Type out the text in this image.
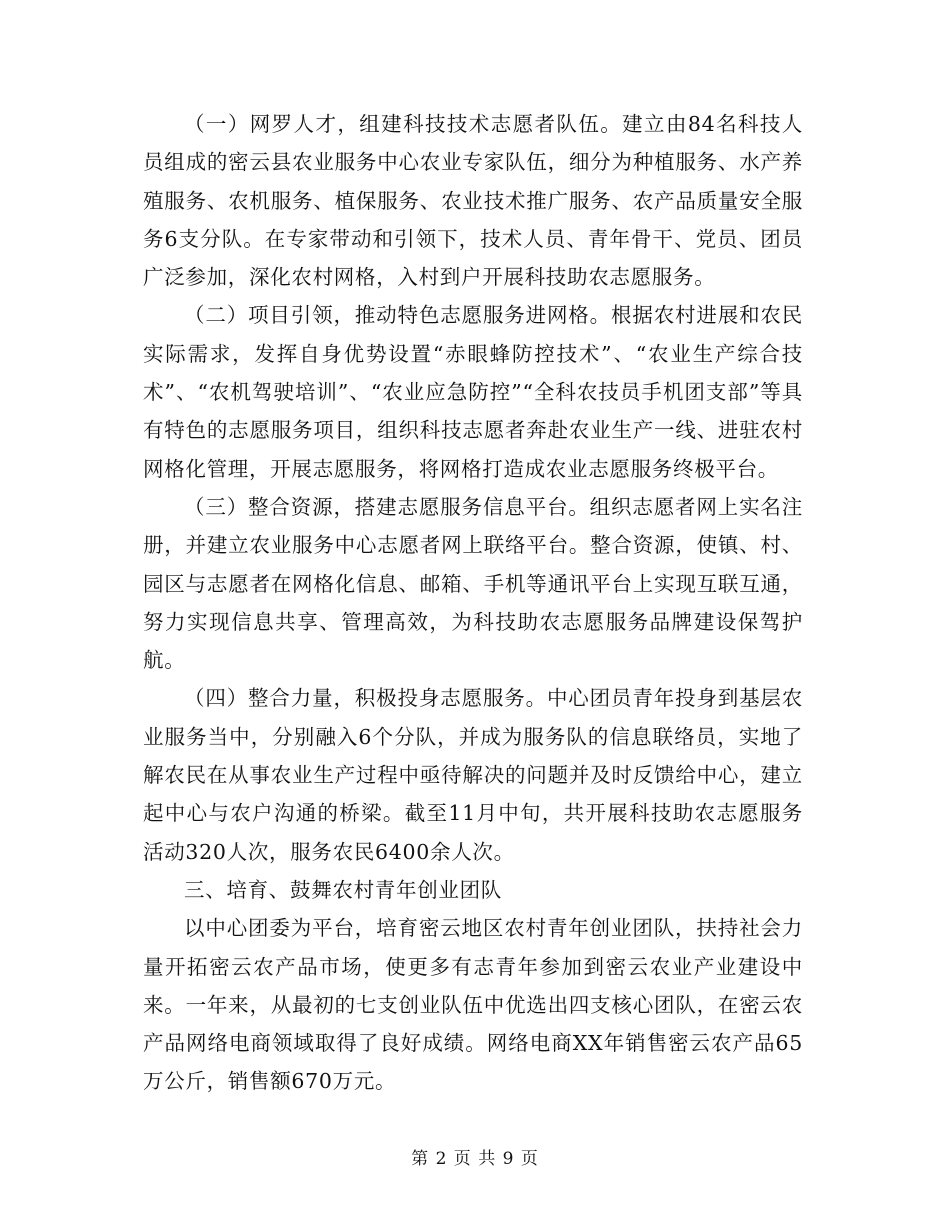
（一）网罗人才，组建科技技术志愿者队伍。建立由84名科技人员组成的密云县农业服务中心农业专家队伍，细分为种植服务、水产养殖服务、农机服务、植保服务、农业技术推广服务、农产品质量安全服务6支分队。在专家带动和引领下，技术人员、青年骨干、党员、团员广泛参加，深化农村网格，入村到户开展科技助农志愿服务。

（二）项目引领，推动特色志愿服务进网格。根据农村进展和农民实际需求，发挥自身优势设置“赤眼蜂防控技术”、“农业生产综合技术”、“农机驾驶培训”、“农业应急防控”“全科农技员手机团支部”等具有特色的志愿服务项目，组织科技志愿者奔赴农业生产一线、进驻农村网格化管理，开展志愿服务，将网格打造成农业志愿服务终极平台。

（三）整合资源，搭建志愿服务信息平台。组织志愿者网上实名注册，并建立农业服务中心志愿者网上联络平台。整合资源，使镇、村、园区与志愿者在网格化信息、邮箱、手机等通讯平台上实现互联互通，努力实现信息共享、管理高效，为科技助农志愿服务品牌建设保驾护航。

（四）整合力量，积极投身志愿服务。中心团员青年投身到基层农业服务当中，分别融入6个分队，并成为服务队的信息联络员，实地了解农民在从事农业生产过程中亟待解决的问题并及时反馈给中心，建立起中心与农户沟通的桥梁。截至11月中旬，共开展科技助农志愿服务活动320人次，服务农民6400余人次。

三、培育、鼓舞农村青年创业团队

以中心团委为平台，培育密云地区农村青年创业团队，扶持社会力量开拓密云农产品市场，使更多有志青年参加到密云农业产业建设中来。一年来，从最初的七支创业队伍中优选出四支核心团队，在密云农产品网络电商领域取得了良好成绩。网络电商XX年销售密云农产品65万公斤，销售额670万元。

第 2 页 共 9 页
